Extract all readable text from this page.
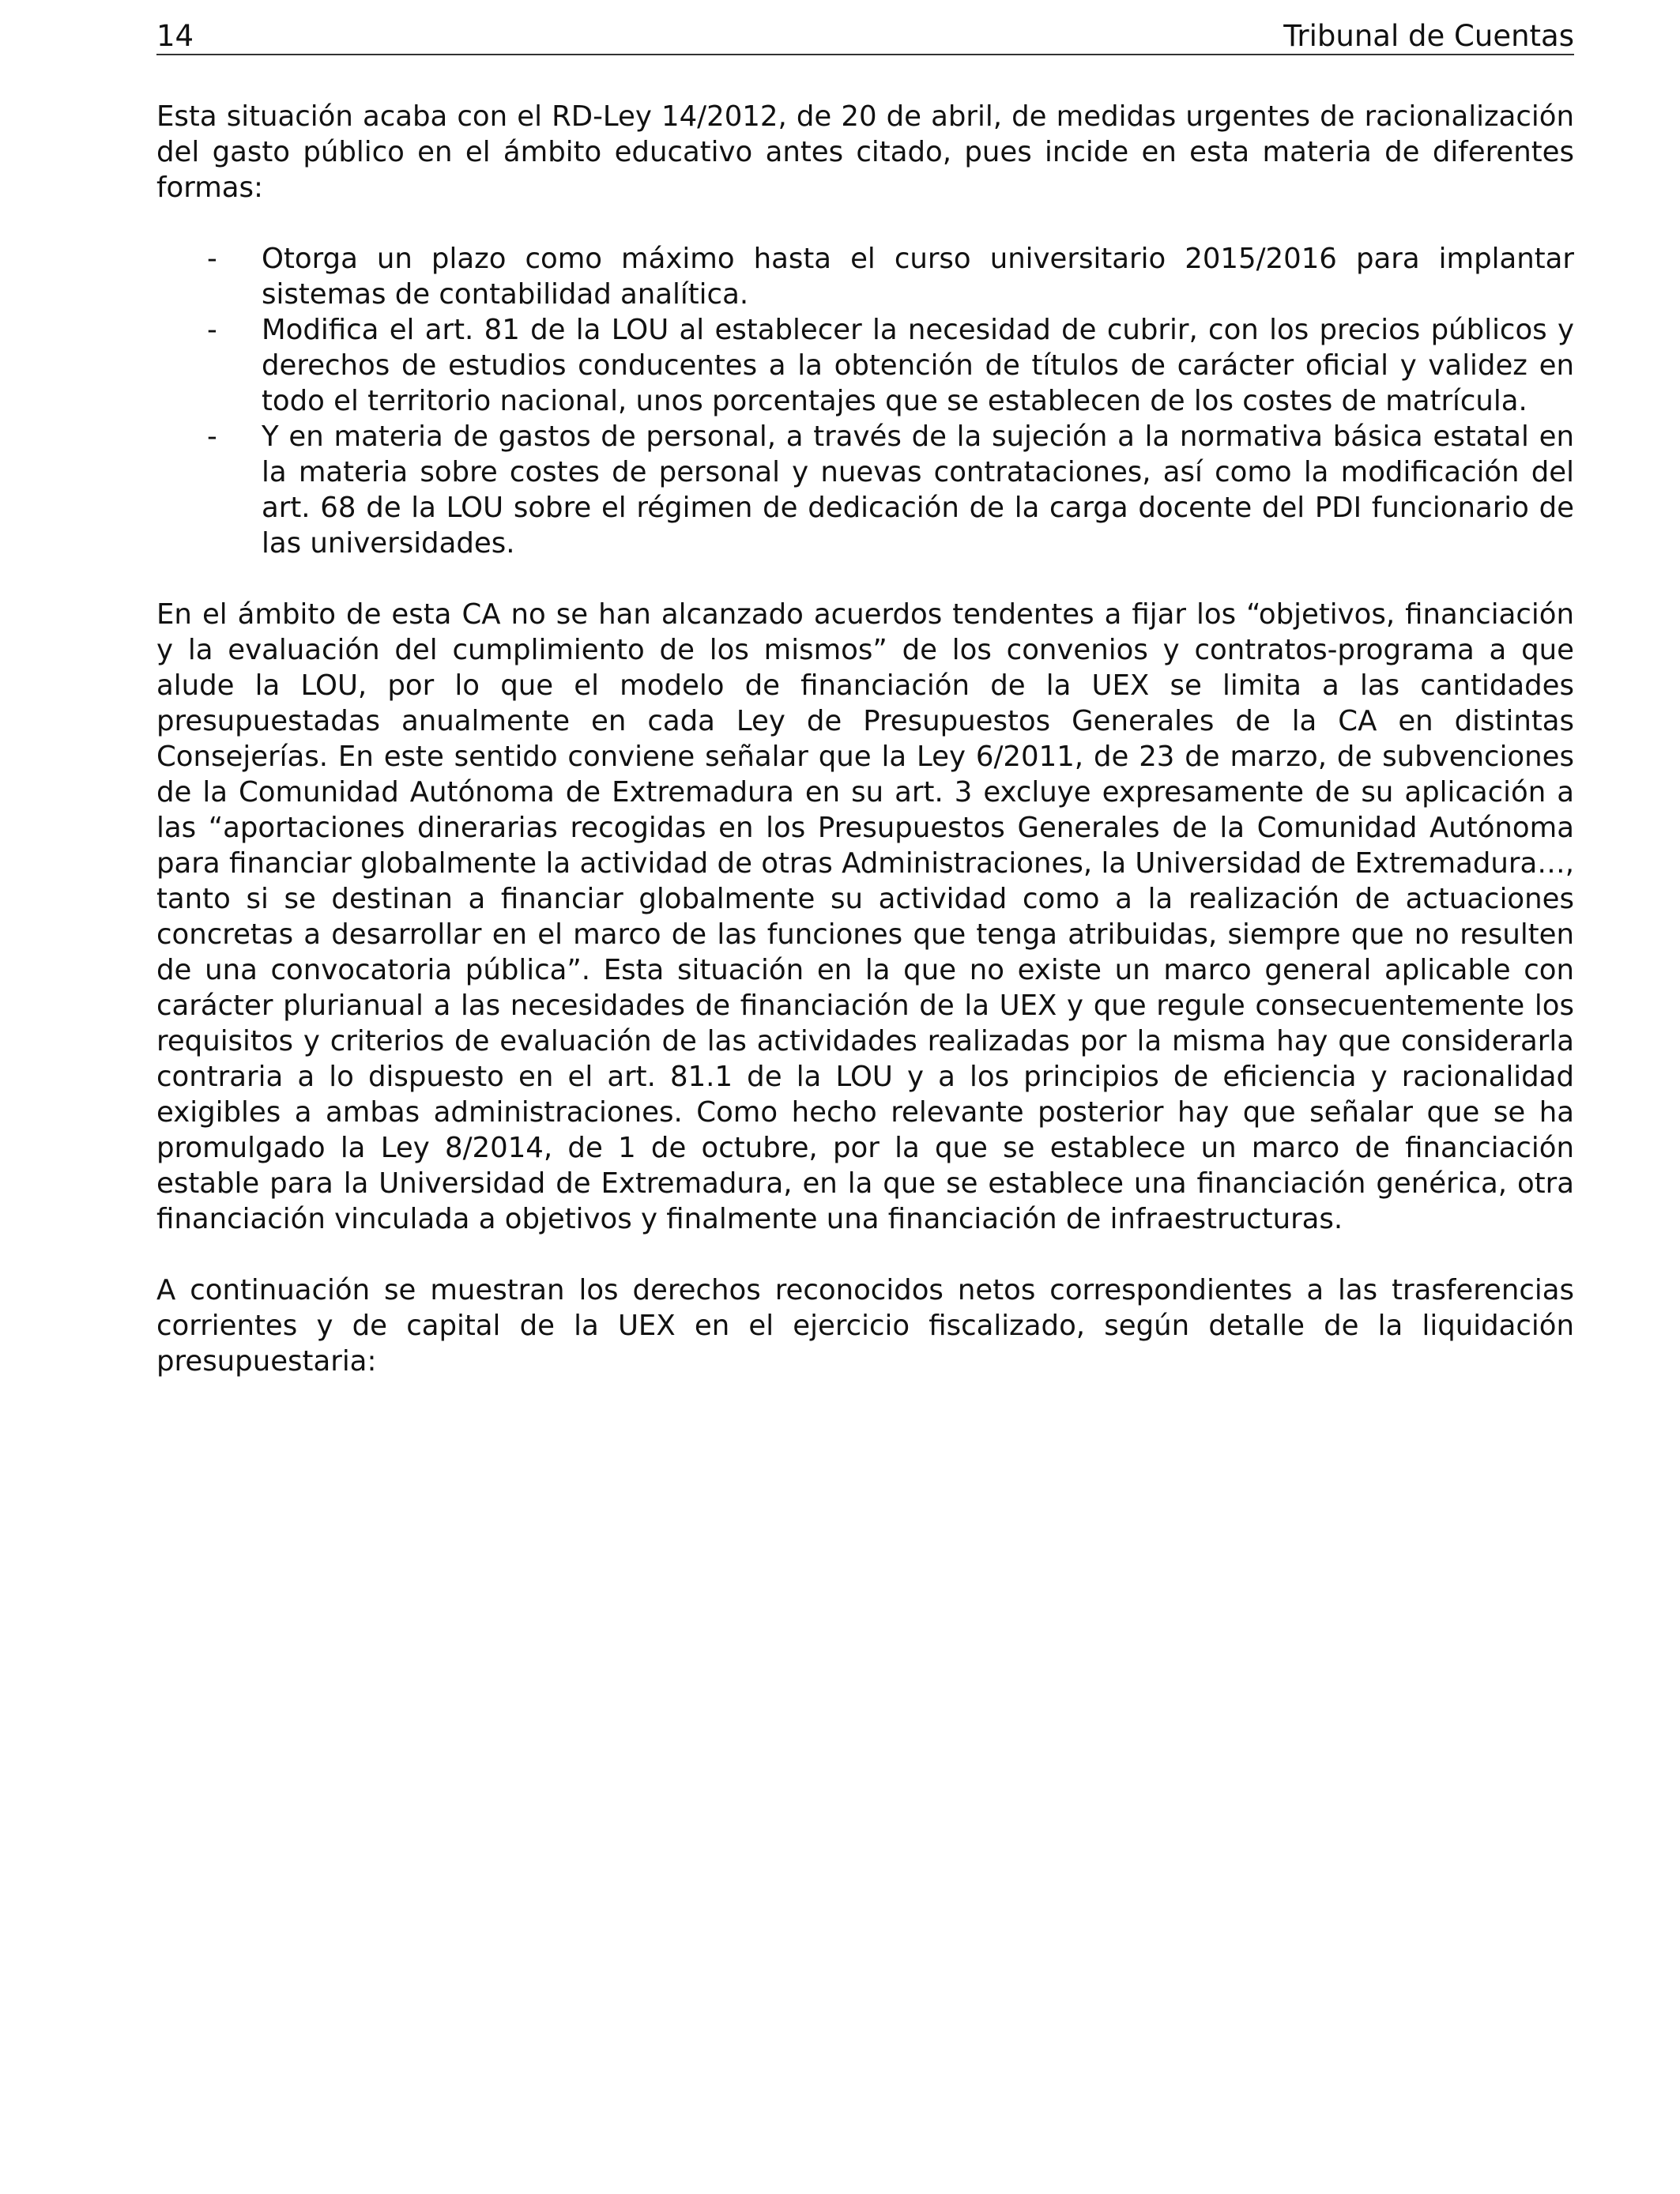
14	Tribunal de Cuentas

Esta situación acaba con el RD-Ley 14/2012, de 20 de abril, de medidas urgentes de racionalización del gasto público en el ámbito educativo antes citado, pues incide en esta materia de diferentes formas:

- Otorga un plazo como máximo hasta el curso universitario 2015/2016 para implantar sistemas de contabilidad analítica.
- Modifica el art. 81 de la LOU al establecer la necesidad de cubrir, con los precios públicos y derechos de estudios conducentes a la obtención de títulos de carácter oficial y validez en todo el territorio nacional, unos porcentajes que se establecen de los costes de matrícula.
- Y en materia de gastos de personal, a través de la sujeción a la normativa básica estatal en la materia sobre costes de personal y nuevas contrataciones, así como la modificación del art. 68 de la LOU sobre el régimen de dedicación de la carga docente del PDI funcionario de las universidades.

En el ámbito de esta CA no se han alcanzado acuerdos tendentes a fijar los “objetivos, financiación y la evaluación del cumplimiento de los mismos” de los convenios y contratos-programa a que alude la LOU, por lo que el modelo de financiación de la UEX se limita a las cantidades presupuestadas anualmente en cada Ley de Presupuestos Generales de la CA en distintas Consejerías. En este sentido conviene señalar que la Ley 6/2011, de 23 de marzo, de subvenciones de la Comunidad Autónoma de Extremadura en su art. 3 excluye expresamente de su aplicación a las “aportaciones dinerarias recogidas en los Presupuestos Generales de la Comunidad Autónoma para financiar globalmente la actividad de otras Administraciones, la Universidad de Extremadura…, tanto si se destinan a financiar globalmente su actividad como a la realización de actuaciones concretas a desarrollar en el marco de las funciones que tenga atribuidas, siempre que no resulten de una convocatoria pública”. Esta situación en la que no existe un marco general aplicable con carácter plurianual a las necesidades de financiación de la UEX y que regule consecuentemente los requisitos y criterios de evaluación de las actividades realizadas por la misma hay que considerarla contraria a lo dispuesto en el art. 81.1 de la LOU y a los principios de eficiencia y racionalidad exigibles a ambas administraciones. Como hecho relevante posterior hay que señalar que se ha promulgado la Ley 8/2014, de 1 de octubre, por la que se establece un marco de financiación estable para la Universidad de Extremadura, en la que se establece una financiación genérica, otra financiación vinculada a objetivos y finalmente una financiación de infraestructuras.

A continuación se muestran los derechos reconocidos netos correspondientes a las trasferencias corrientes y de capital de la UEX en el ejercicio fiscalizado, según detalle de la liquidación presupuestaria:
